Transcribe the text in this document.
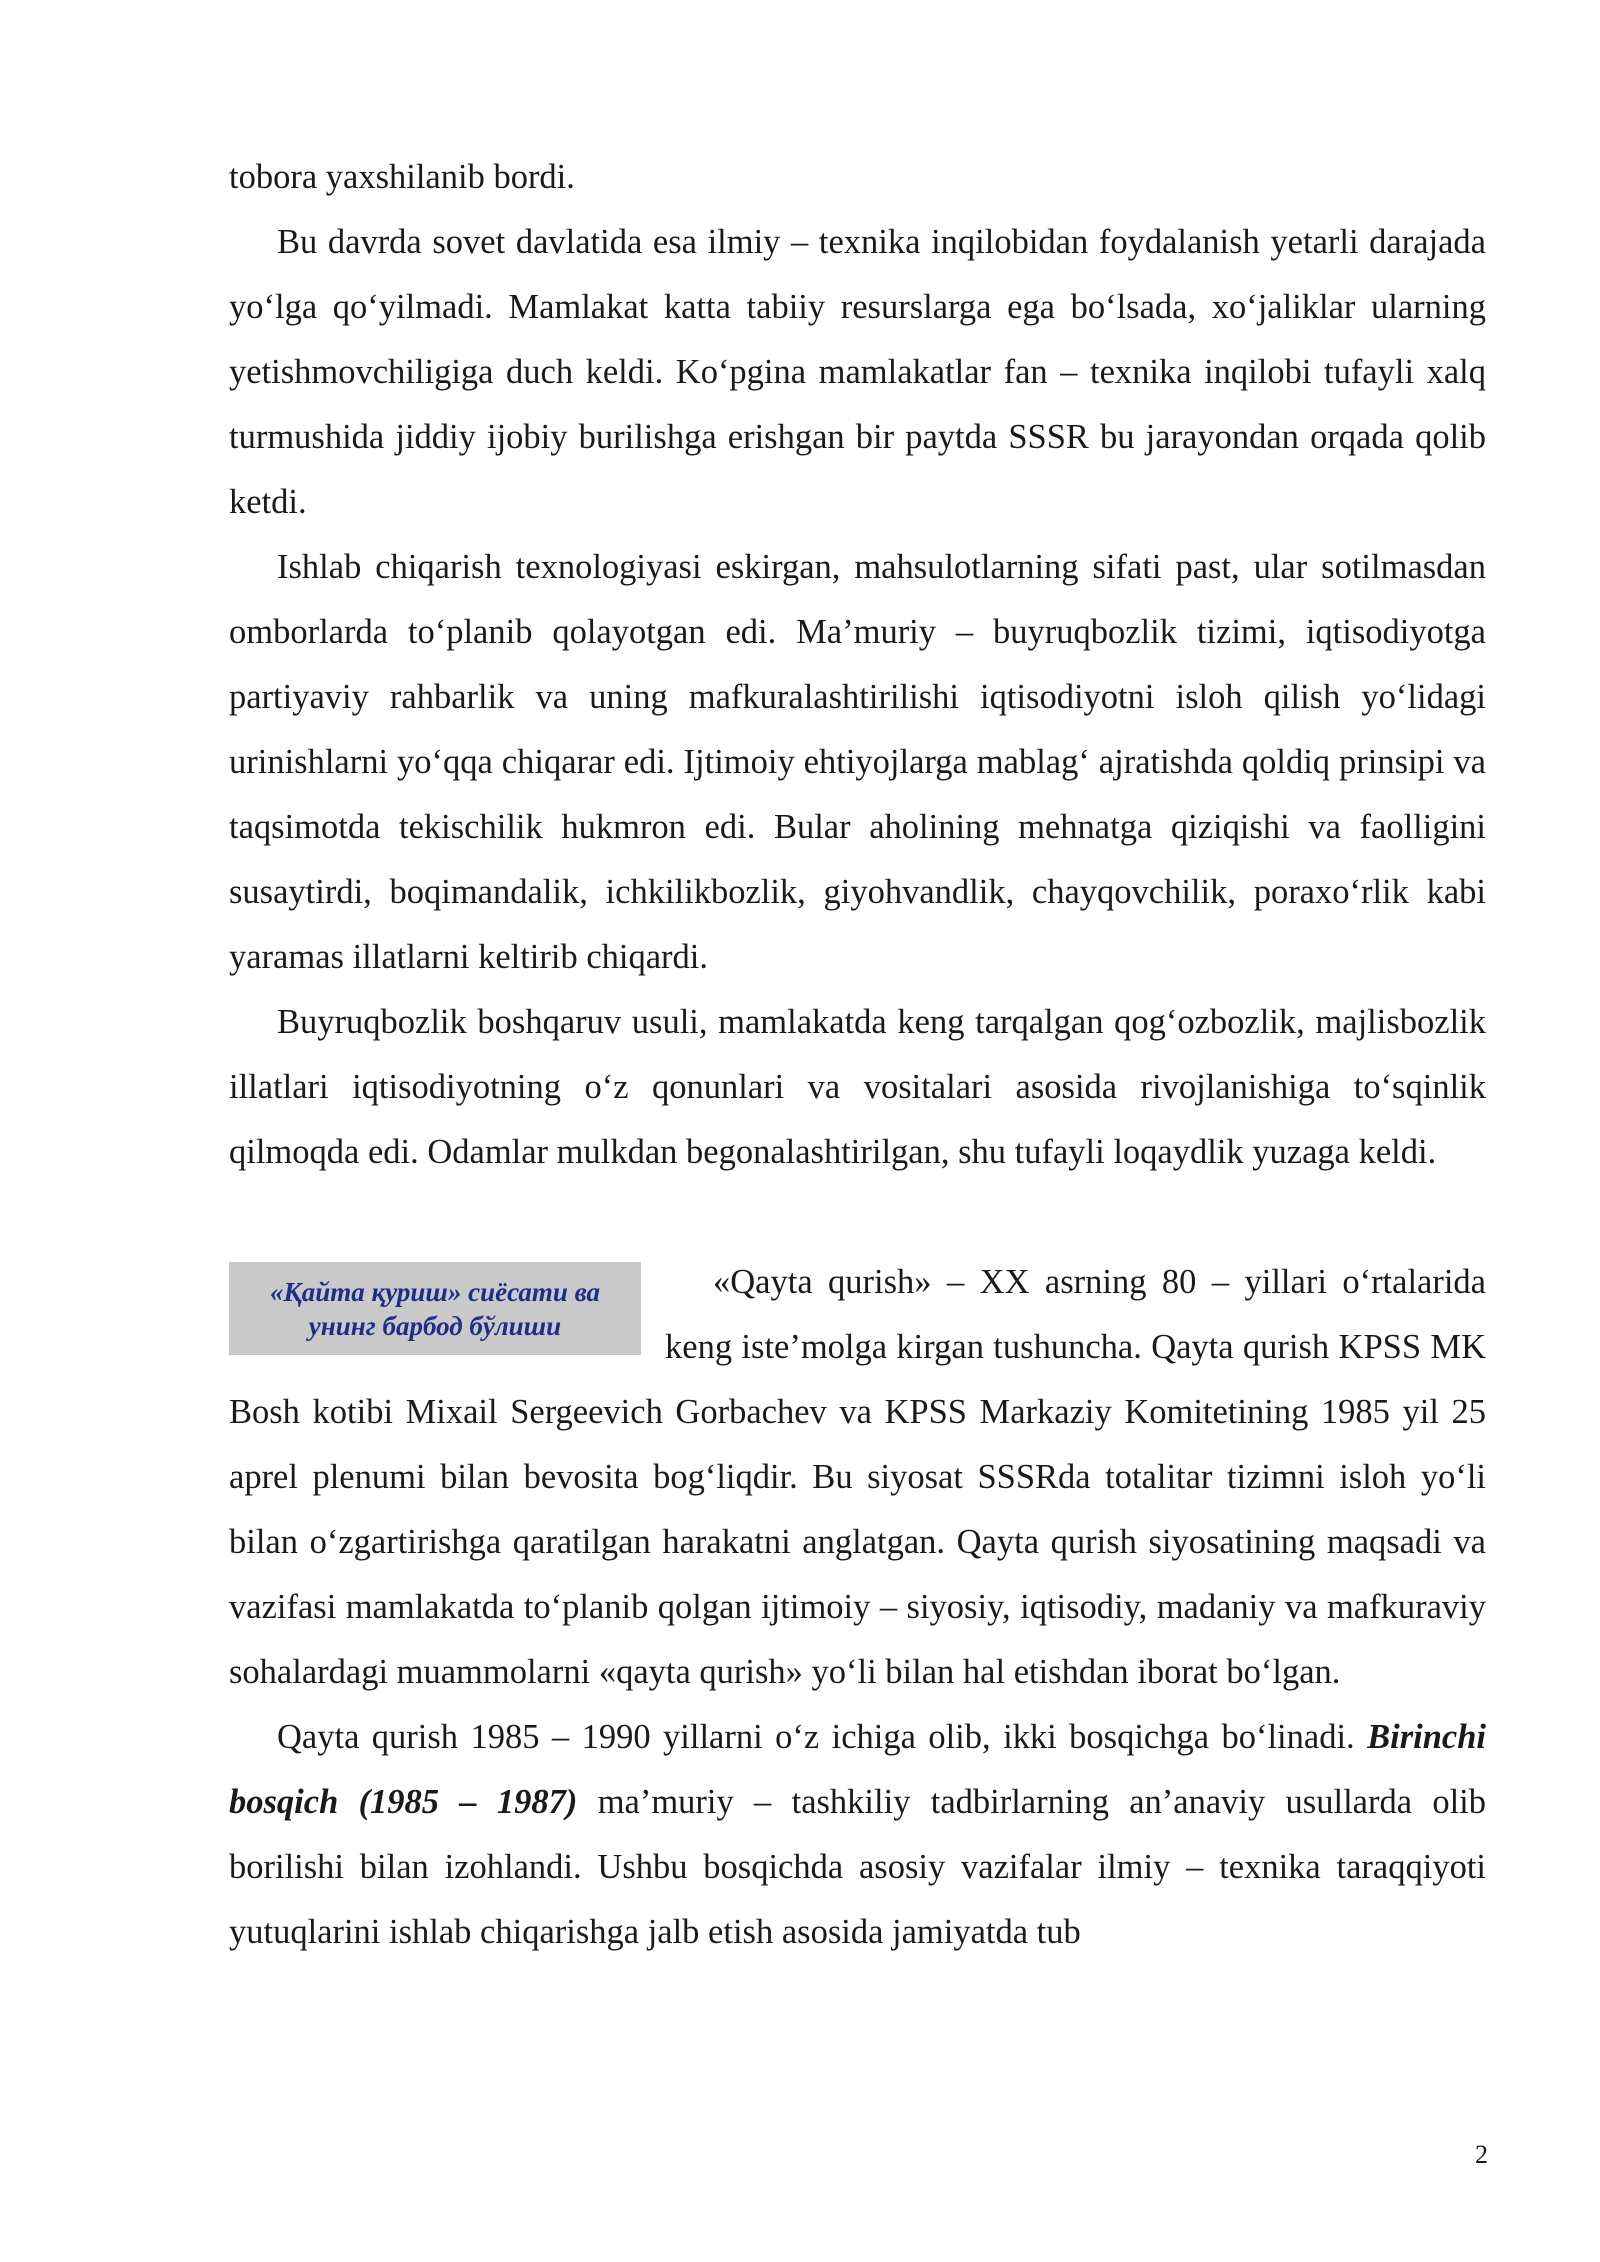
tobora yaxshilanib bordi.

Bu davrda sovet davlatida esa ilmiy – texnika inqilobidan foydalanish yetarli darajada yo‘lga qo‘yilmadi. Mamlakat katta tabiiy resurslarga ega bo‘lsada, xo‘jaliklar ularning yetishmovchiligiga duch keldi. Ko‘pgina mamlakatlar fan – texnika inqilobi tufayli xalq turmushida jiddiy ijobiy burilishga erishgan bir paytda SSSR bu jarayondan orqada qolib ketdi.

Ishlab chiqarish texnologiyasi eskirgan, mahsulotlarning sifati past, ular sotilmasdan omborlarda to‘planib qolayotgan edi. Ma’muriy – buyruqbozlik tizimi, iqtisodiyotga partiyaviy rahbarlik va uning mafkuralashtirilishi iqtisodiyotni isloh qilish yo‘lidagi urinishlarni yo‘qqa chiqarar edi. Ijtimoiy ehtiyojlarga mablag‘ ajratishda qoldiq prinsipi va taqsimotda tekischilik hukmron edi. Bular aholining mehnatga qiziqishi va faolligini susaytirdi, boqimandalik, ichkilikbozlik, giyohvandlik, chayqovchilik, poraxo‘rlik kabi yaramas illatlarni keltirib chiqardi.

Buyruqbozlik boshqaruv usuli, mamlakatda keng tarqalgan qog‘ozbozlik, majlisbozlik illatlari iqtisodiyotning o‘z qonunlari va vositalari asosida rivojlanishiga to‘sqinlik qilmoqda edi. Odamlar mulkdan begonalashtirilgan, shu tufayli loqaydlik yuzaga keldi.

«Қайта қуриш» сиёсати ва
унинг барбод бўлиши

«Qayta qurish» – XX asrning 80 – yillari o‘rtalarida keng iste’molga kirgan tushuncha. Qayta qurish KPSS MK Bosh kotibi Mixail Sergeevich Gorbachev va KPSS Markaziy Komitetining 1985 yil 25 aprel plenumi bilan bevosita bog‘liqdir. Bu siyosat SSSRda totalitar tizimni isloh yo‘li bilan o‘zgartirishga qaratilgan harakatni anglatgan. Qayta qurish siyosatining maqsadi va vazifasi mamlakatda to‘planib qolgan ijtimoiy – siyosiy, iqtisodiy, madaniy va mafkuraviy sohalardagi muammolarni «qayta qurish» yo‘li bilan hal etishdan iborat bo‘lgan.

Qayta qurish 1985 – 1990 yillarni o‘z ichiga olib, ikki bosqichga bo‘linadi. Birinchi bosqich (1985 – 1987) ma’muriy – tashkiliy tadbirlarning an’anaviy usullarda olib borilishi bilan izohlandi. Ushbu bosqichda asosiy vazifalar ilmiy – texnika taraqqiyoti yutuqlarini ishlab chiqarishga jalb etish asosida jamiyatda tub

2
